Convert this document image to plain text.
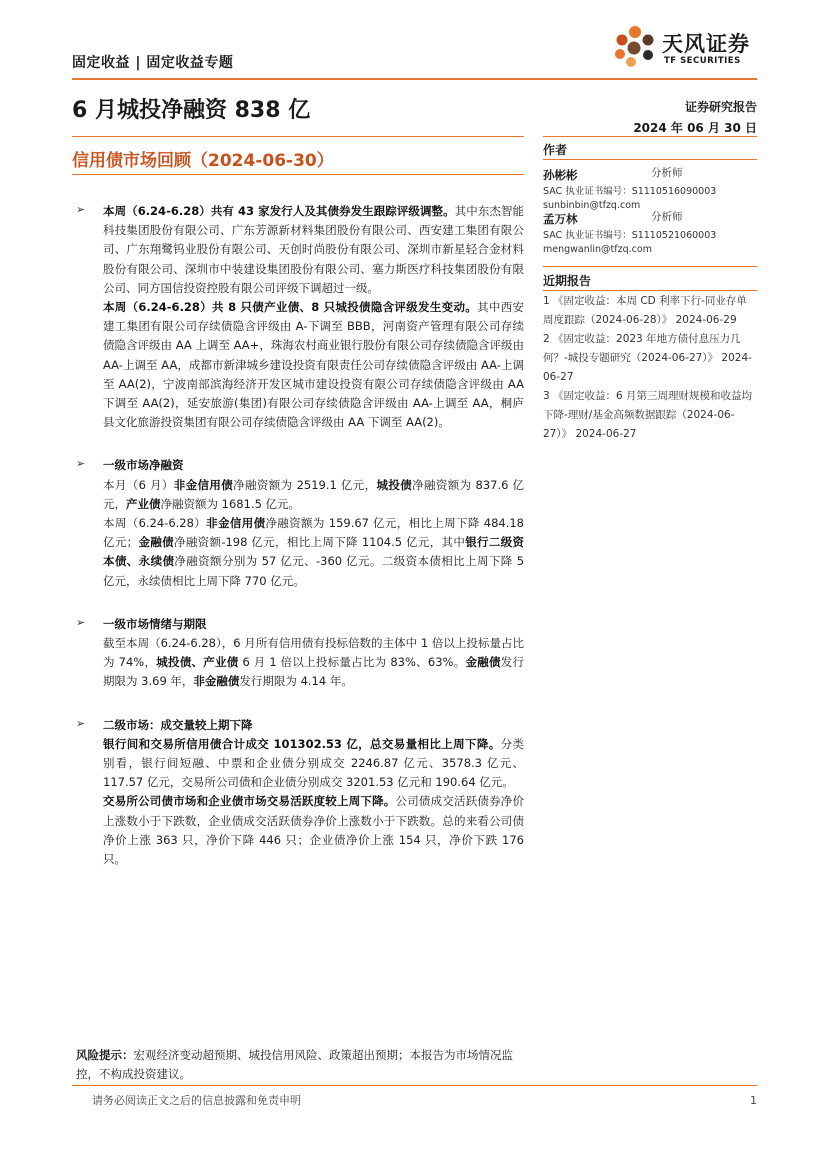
固定收益 | 固定收益专题
天风证券
TF SECURITIES
6 月城投净融资 838 亿	证券研究报告
2024 年 06 月 30 日
信用债市场回顾（2024-06-30）
作者
孙彬彬	分析师
SAC 执业证书编号：S1110516090003
sunbinbin@tfzq.com
孟万林	分析师
SAC 执业证书编号：S1110521060003
mengwanlin@tfzq.com
近期报告
1 《固定收益：本周 CD 利率下行-同业存单周度跟踪（2024-06-28）》 2024-06-29
2 《固定收益：2023 年地方债付息压力几何？-城投专题研究（2024-06-27）》 2024-06-27
3 《固定收益：6 月第三周理财规模和收益均下降-理财/基金高频数据跟踪（2024-06-27）》 2024-06-27
➢ 本周（6.24-6.28）共有 43 家发行人及其债券发生跟踪评级调整。其中东杰智能科技集团股份有限公司、广东芳源新材料集团股份有限公司、西安建工集团有限公司、广东翔鹭钨业股份有限公司、天创时尚股份有限公司、深圳市新星轻合金材料股份有限公司、深圳市中装建设集团股份有限公司、塞力斯医疗科技集团股份有限公司、同方国信投资控股有限公司评级下调超过一级。

本周（6.24-6.28）共 8 只债产业债、8 只城投债隐含评级发生变动。其中西安建工集团有限公司存续债隐含评级由 A-下调至 BBB，河南资产管理有限公司存续债隐含评级由 AA 上调至 AA+，珠海农村商业银行股份有限公司存续债隐含评级由 AA-上调至 AA，成都市新津城乡建设投资有限责任公司存续债隐含评级由 AA-上调至 AA(2)，宁波南部滨海经济开发区城市建设投资有限公司存续债隐含评级由 AA 下调至 AA(2)，延安旅游(集团)有限公司存续债隐含评级由 AA-上调至 AA，桐庐县文化旅游投资集团有限公司存续债隐含评级由 AA 下调至 AA(2)。

➢ 一级市场净融资

本月（6 月）非金信用债净融资额为 2519.1 亿元，城投债净融资额为 837.6 亿元，产业债净融资额为 1681.5 亿元。

本周（6.24-6.28）非金信用债净融资额为 159.67 亿元，相比上周下降 484.18 亿元；金融债净融资额-198 亿元，相比上周下降 1104.5 亿元，其中银行二级资本债、永续债净融资额分别为 57 亿元、-360 亿元。二级资本债相比上周下降 5 亿元，永续债相比上周下降 770 亿元。

➢ 一级市场情绪与期限

截至本周（6.24-6.28），6 月所有信用债有投标倍数的主体中 1 倍以上投标量占比为 74%，城投债、产业债 6 月 1 倍以上投标量占比为 83%、63%。金融债发行期限为 3.69 年，非金融债发行期限为 4.14 年。

➢ 二级市场：成交量较上期下降

银行间和交易所信用债合计成交 101302.53 亿，总交易量相比上周下降。分类别看，银行间短融、中票和企业债分别成交 2246.87 亿元、3578.3 亿元、117.57 亿元，交易所公司债和企业债分别成交 3201.53 亿元和 190.64 亿元。

交易所公司债市场和企业债市场交易活跃度较上周下降。公司债成交活跃债券净价上涨数小于下跌数，企业债成交活跃债券净价上涨数小于下跌数。总的来看公司债净价上涨 363 只，净价下降 446 只；企业债净价上涨 154 只，净价下跌 176 只。

风险提示：宏观经济变动超预期、城投信用风险、政策超出预期；本报告为市场情况监控，不构成投资建议。
请务必阅读正文之后的信息披露和免责申明	1
